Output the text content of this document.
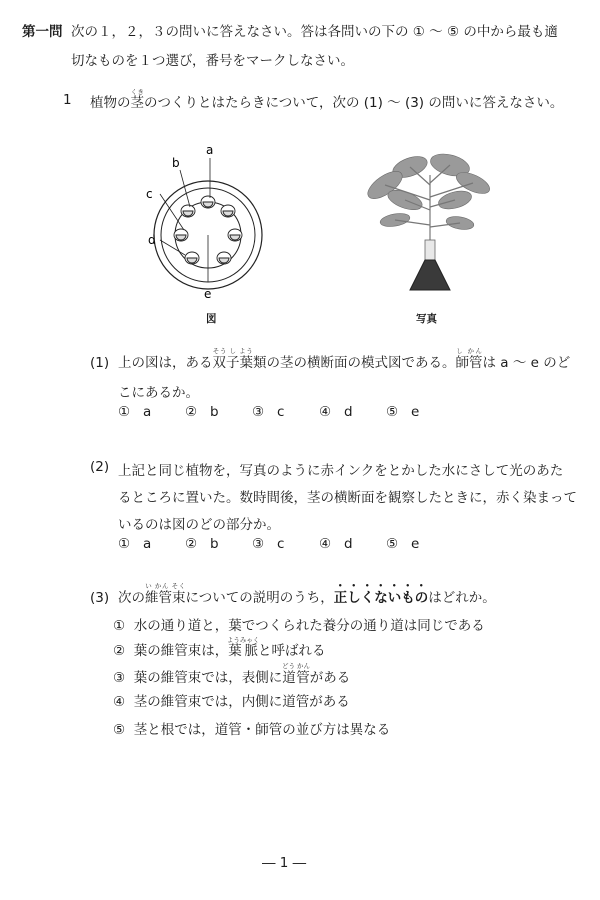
第一問 次の１，２，３の問いに答えなさい。答は各問いの下の ① ～ ⑤ の中から最も適
切なものを１つ選び，番号をマークしなさい。
1 植物の茎くきのつくりとはたらきについて，次の (1) ～ (3) の問いに答えなさい。
a
b
c
d
e
図	写真
(1) 上の図は，ある双子葉そう し よう類の茎の横断面の模式図である。師管し かんは a ～ e のど
こにあるか。
① a ② b ③ c	④ d ⑤ e
(2) 上記と同じ植物を，写真のように赤インクをとかした水にさして光のあた
るところに置いた。数時間後，茎の横断面を観察したときに，赤く染まって
いるのは図のどの部分か。
① a ② b ③ c	④ d ⑤ e
(3) 次の維管束い かん そくについての説明のうち，正しくないものはどれか。
① 水の通り道と，葉でつくられた養分の通り道は同じである
② 葉の維管束は，葉脈ようみゃくと呼ばれる
③ 葉の維管束では，表側に道管どう かんがある
④ 茎の維管束では，内側に道管がある
⑤ 茎と根では，道管・師管の並び方は異なる
― 1 ―
